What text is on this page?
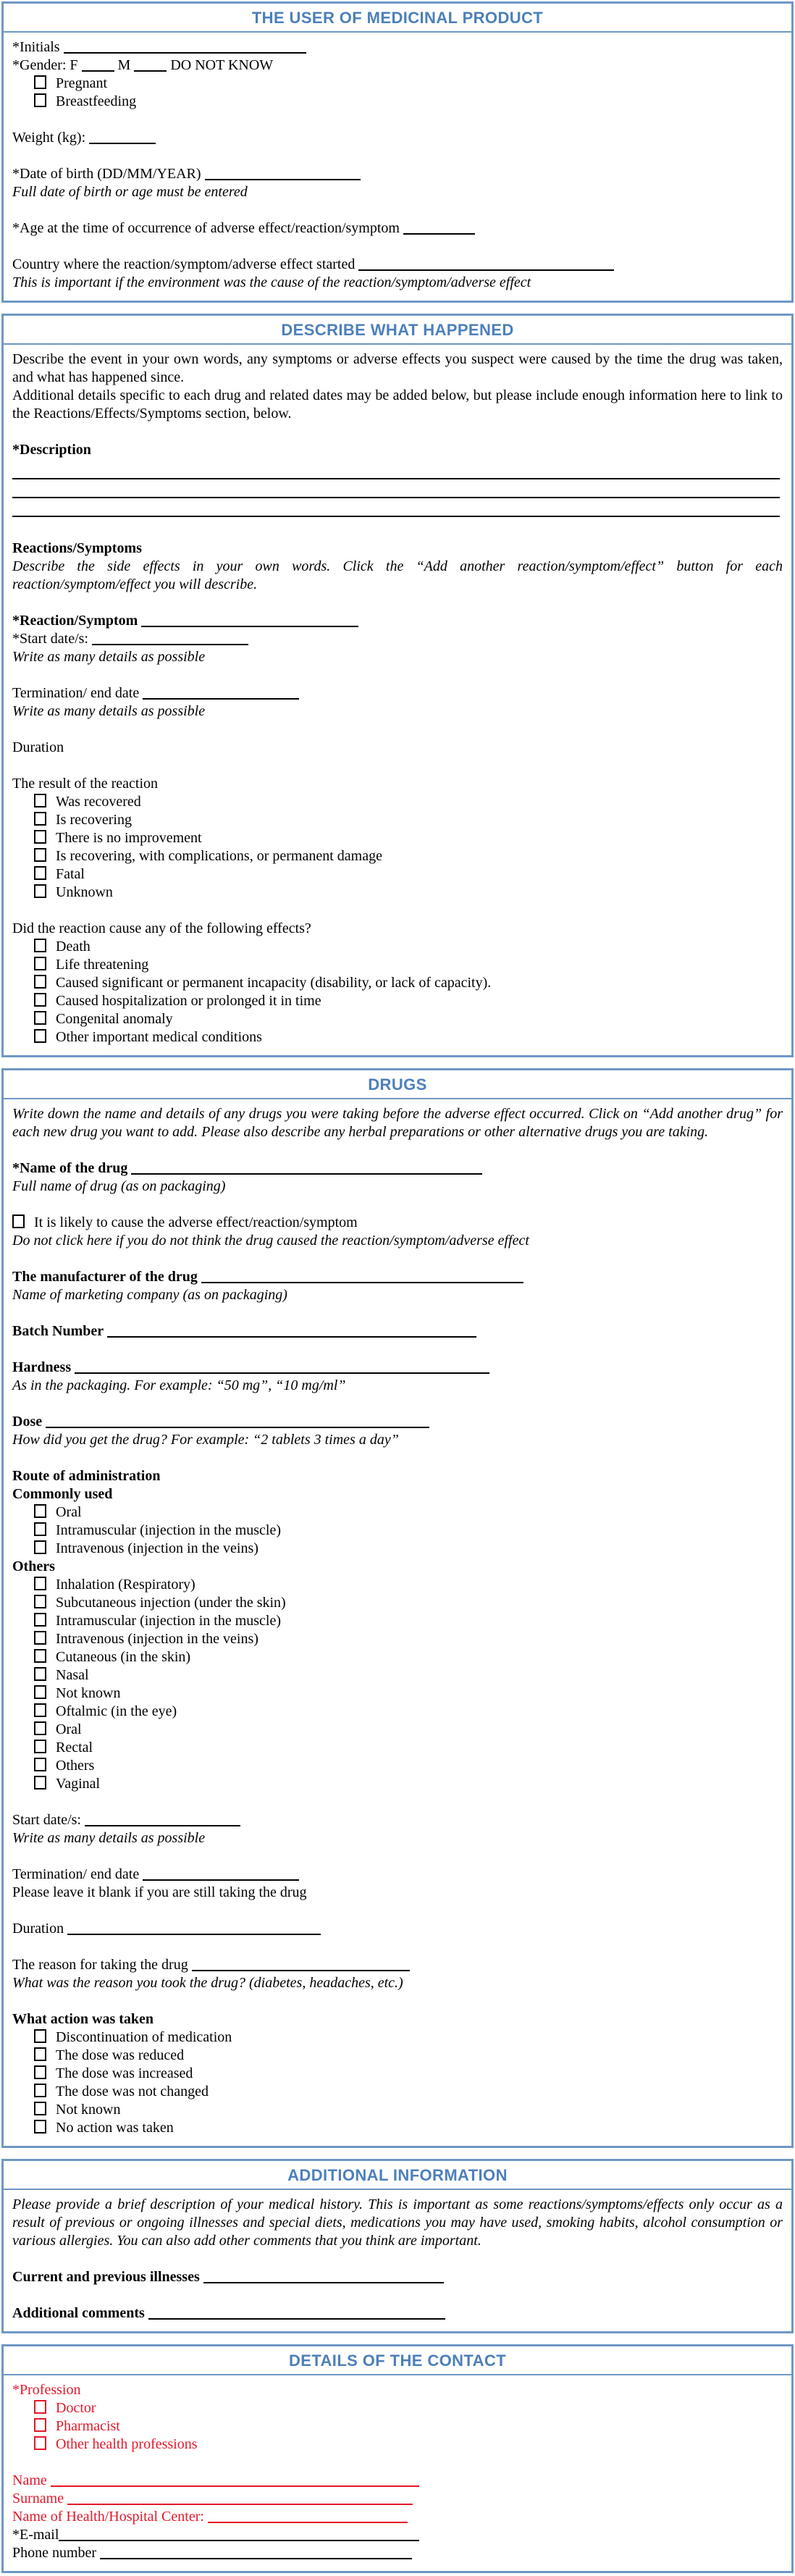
THE USER OF MEDICINAL PRODUCT
*Initials
*Gender: F  M  DO NOT KNOW
Pregnant
Breastfeeding
Weight (kg):
*Date of birth (DD/MM/YEAR)
Full date of birth or age must be entered
*Age at the time of occurrence of adverse effect/reaction/symptom
Country where the reaction/symptom/adverse effect started
This is important if the environment was the cause of the reaction/symptom/adverse effect
DESCRIBE WHAT HAPPENED
Describe the event in your own words, any symptoms or adverse effects you suspect were caused by the time the drug was taken, and what has happened since.
Additional details specific to each drug and related dates may be added below, but please include enough information here to link to the Reactions/Effects/Symptoms section, below.
*Description
Reactions/Symptoms
Describe the side effects in your own words. Click the “Add another reaction/symptom/effect” button for each reaction/symptom/effect you will describe.
*Reaction/Symptom
*Start date/s:
Write as many details as possible
Termination/ end date
Write as many details as possible
Duration
The result of the reaction
Was recovered
Is recovering
There is no improvement
Is recovering, with complications, or permanent damage
Fatal
Unknown
Did the reaction cause any of the following effects?
Death
Life threatening
Caused significant or permanent incapacity (disability, or lack of capacity).
Caused hospitalization or prolonged it in time
Congenital anomaly
Other important medical conditions
DRUGS
Write down the name and details of any drugs you were taking before the adverse effect occurred. Click on “Add another drug” for each new drug you want to add. Please also describe any herbal preparations or other alternative drugs you are taking.
*Name of the drug
Full name of drug (as on packaging)
It is likely to cause the adverse effect/reaction/symptom
Do not click here if you do not think the drug caused the reaction/symptom/adverse effect
The manufacturer of the drug
Name of marketing company (as on packaging)
Batch Number
Hardness
As in the packaging. For example: “50 mg”, “10 mg/ml”
Dose
How did you get the drug? For example: “2 tablets 3 times a day”
Route of administration
Commonly used
Oral
Intramuscular (injection in the muscle)
Intravenous (injection in the veins)
Others
Inhalation (Respiratory)
Subcutaneous injection (under the skin)
Intramuscular (injection in the muscle)
Intravenous (injection in the veins)
Cutaneous (in the skin)
Nasal
Not known
Oftalmic (in the eye)
Oral
Rectal
Others
Vaginal
Start date/s:
Write as many details as possible
Termination/ end date
Please leave it blank if you are still taking the drug
Duration
The reason for taking the drug
What was the reason you took the drug? (diabetes, headaches, etc.)
What action was taken
Discontinuation of medication
The dose was reduced
The dose was increased
The dose was not changed
Not known
No action was taken
ADDITIONAL INFORMATION
Please provide a brief description of your medical history. This is important as some reactions/symptoms/effects only occur as a result of previous or ongoing illnesses and special diets, medications you may have used, smoking habits, alcohol consumption or various allergies. You can also add other comments that you think are important.
Current and previous illnesses
Additional comments
DETAILS OF THE CONTACT
*Profession
Doctor
Pharmacist
Other health professions
Name
Surname
Name of Health/Hospital Center:
*E-mail
Phone number
